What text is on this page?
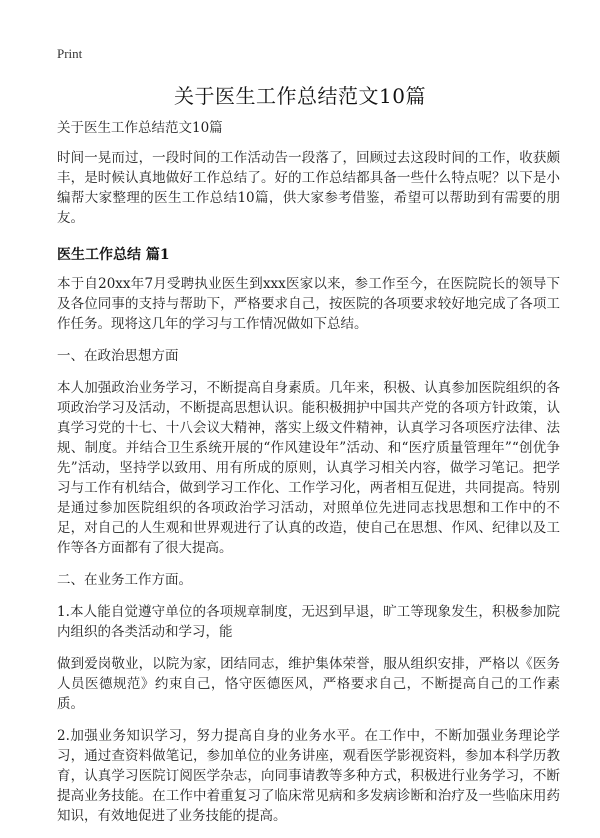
Print
关于医生工作总结范文10篇

关于医生工作总结范文10篇

时间一晃而过，一段时间的工作活动告一段落了，回顾过去这段时间的工作，收获颇丰，是时候认真地做好工作总结了。好的工作总结都具备一些什么特点呢？以下是小编帮大家整理的医生工作总结10篇，供大家参考借鉴，希望可以帮助到有需要的朋友。

医生工作总结 篇1

本于自20xx年7月受聘执业医生到xxx医家以来，参工作至今，在医院院长的领导下及各位同事的支持与帮助下，严格要求自己，按医院的各项要求较好地完成了各项工作任务。现将这几年的学习与工作情况做如下总结。

一、在政治思想方面

本人加强政治业务学习，不断提高自身素质。几年来，积极、认真参加医院组织的各项政治学习及活动，不断提高思想认识。能积极拥护中国共产党的各项方针政策，认真学习党的十七、十八会议大精神，落实上级文件精神，认真学习各项医疗法律、法规、制度。并结合卫生系统开展的“作风建设年”活动、和“医疗质量管理年”“创优争先”活动，坚持学以致用、用有所成的原则，认真学习相关内容，做学习笔记。把学习与工作有机结合，做到学习工作化、工作学习化，两者相互促进，共同提高。特别是通过参加医院组织的各项政治学习活动，对照单位先进同志找思想和工作中的不足，对自己的人生观和世界观进行了认真的改造，使自己在思想、作风、纪律以及工作等各方面都有了很大提高。

二、在业务工作方面。

1.本人能自觉遵守单位的各项规章制度，无迟到早退，旷工等现象发生，积极参加院内组织的各类活动和学习，能

做到爱岗敬业，以院为家，团结同志，维护集体荣誉，服从组织安排，严格以《医务人员医德规范》约束自己，恪守医德医风，严格要求自己，不断提高自己的工作素质。

2.加强业务知识学习，努力提高自身的业务水平。在工作中，不断加强业务理论学习，通过查资料做笔记，参加单位的业务讲座，观看医学影视资料，参加本科学历教育，认真学习医院订阅医学杂志，向同事请教等多种方式，积极进行业务学习，不断提高业务技能。在工作中着重复习了临床常见病和多发病诊断和治疗及一些临床用药知识，有效地促进了业务技能的提高。
